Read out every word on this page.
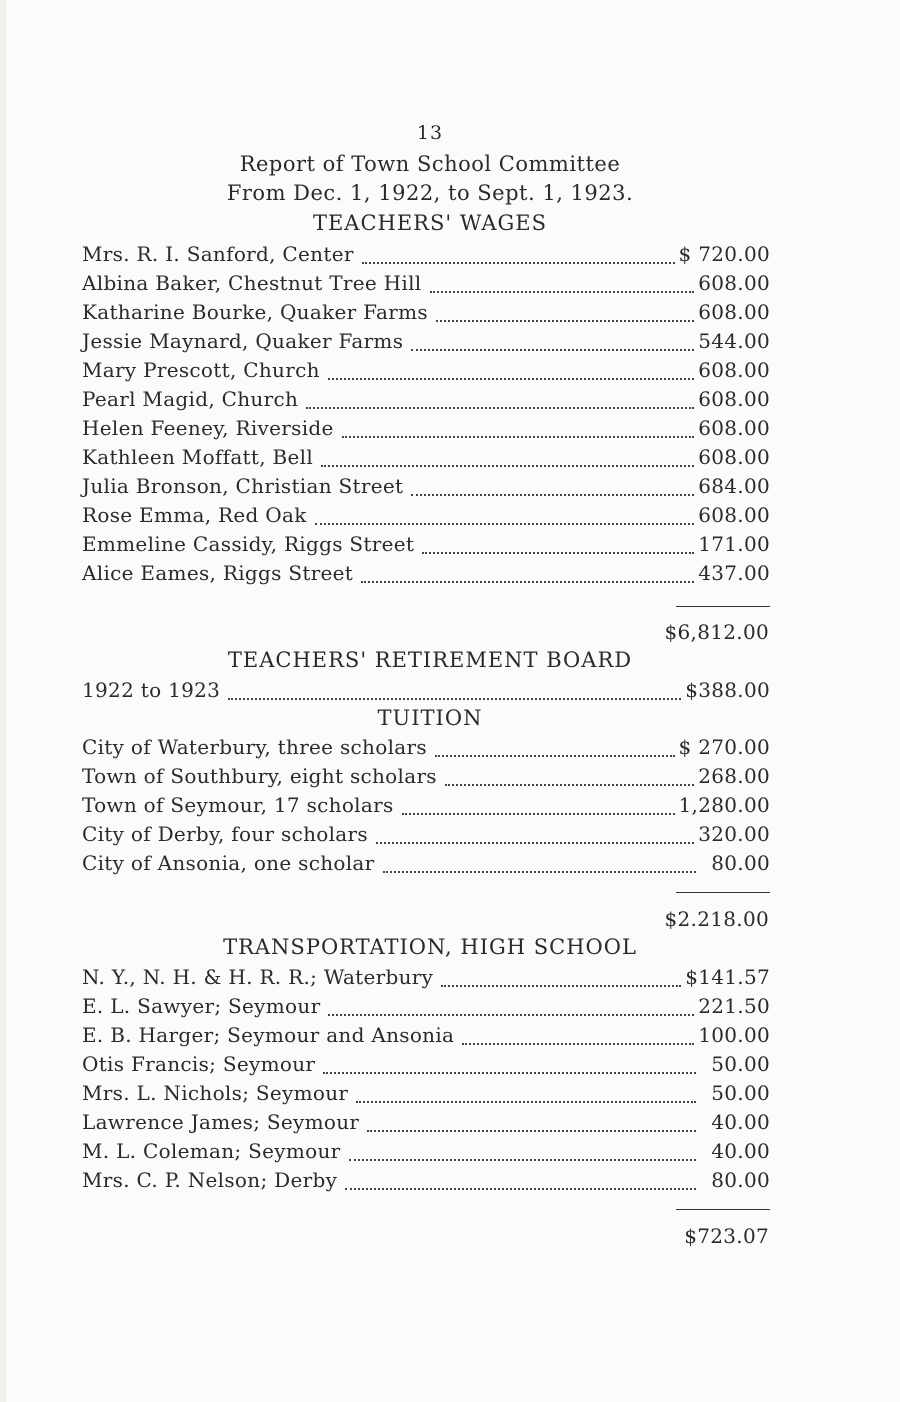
13
Report of Town School Committee
From Dec. 1, 1922, to Sept. 1, 1923.
TEACHERS' WAGES
Mrs. R. I. Sanford, Center	$ 720.00
Albina Baker, Chestnut Tree Hill	608.00
Katharine Bourke, Quaker Farms	608.00
Jessie Maynard, Quaker Farms	544.00
Mary Prescott, Church	608.00
Pearl Magid, Church	608.00
Helen Feeney, Riverside	608.00
Kathleen Moffatt, Bell	608.00
Julia Bronson, Christian Street	684.00
Rose Emma, Red Oak	608.00
Emmeline Cassidy, Riggs Street	171.00
Alice Eames, Riggs Street	437.00
$6,812.00
TEACHERS' RETIREMENT BOARD
1922 to 1923	$388.00
TUITION
City of Waterbury, three scholars	$ 270.00
Town of Southbury, eight scholars	268.00
Town of Seymour, 17 scholars	1,280.00
City of Derby, four scholars	320.00
City of Ansonia, one scholar	80.00
$2.218.00
TRANSPORTATION, HIGH SCHOOL
N. Y., N. H. & H. R. R.; Waterbury	$141.57
E. L. Sawyer; Seymour	221.50
E. B. Harger; Seymour and Ansonia	100.00
Otis Francis; Seymour	50.00
Mrs. L. Nichols; Seymour	50.00
Lawrence James; Seymour	40.00
M. L. Coleman; Seymour	40.00
Mrs. C. P. Nelson; Derby	80.00
$723.07
